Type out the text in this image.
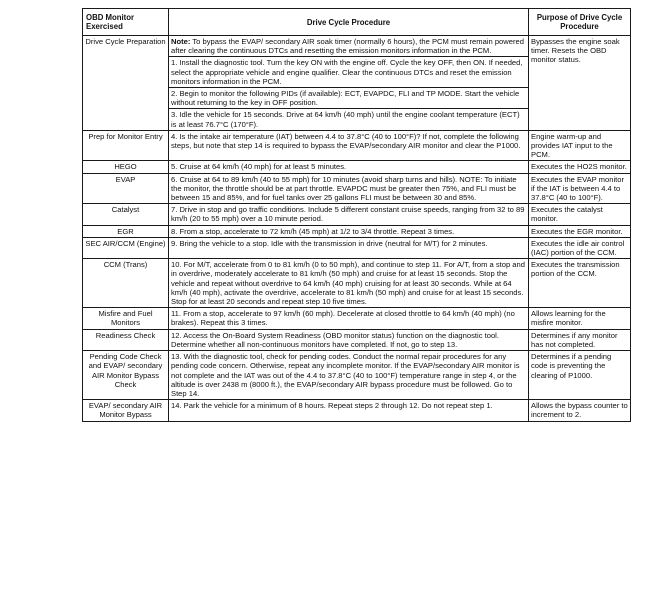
OBD Monitor Exercised	Drive Cycle Procedure	Purpose of Drive Cycle Procedure
Drive Cycle Preparation	Note: To bypass the EVAP/ secondary AIR soak timer (normally 6 hours), the PCM must remain powered after clearing the continuous DTCs and resetting the emission monitors information in the PCM.
1. Install the diagnostic tool. Turn the key ON with the engine off. Cycle the key OFF, then ON. If needed, select the appropriate vehicle and engine qualifier. Clear the continuous DTCs and reset the emission monitors information in the PCM.
2. Begin to monitor the following PIDs (if available): ECT, EVAPDC, FLI and TP MODE. Start the vehicle without returning to the key in OFF position.
3. Idle the vehicle for 15 seconds. Drive at 64 km/h (40 mph) until the engine coolant temperature (ECT) is at least 76.7°C (170°F).	Bypasses the engine soak timer. Resets the OBD monitor status.
Prep for Monitor Entry	4. Is the intake air temperature (IAT) between 4.4 to 37.8°C (40 to 100°F)? If not, complete the following steps, but note that step 14 is required to bypass the EVAP/secondary AIR monitor and clear the P1000.	Engine warm-up and provides IAT input to the PCM.
HEGO	5. Cruise at 64 km/h (40 mph) for at least 5 minutes.	Executes the HO2S monitor.
EVAP	6. Cruise at 64 to 89 km/h (40 to 55 mph) for 10 minutes (avoid sharp turns and hills). NOTE: To initiate the monitor, the throttle should be at part throttle. EVAPDC must be greater then 75%, and FLI must be between 15 and 85%, and for fuel tanks over 25 gallons FLI must be between 30 and 85%.	Executes the EVAP monitor if the IAT is between 4.4 to 37.8°C (40 to 100°F).
Catalyst	7. Drive in stop and go traffic conditions. Include 5 different constant cruise speeds, ranging from 32 to 89 km/h (20 to 55 mph) over a 10 minute period.	Executes the catalyst monitor.
EGR	8. From a stop, accelerate to 72 km/h (45 mph) at 1/2 to 3/4 throttle. Repeat 3 times.	Executes the EGR monitor.
SEC AIR/CCM (Engine)	9. Bring the vehicle to a stop. Idle with the transmission in drive (neutral for M/T) for 2 minutes.	Executes the idle air control (IAC) portion of the CCM.
CCM (Trans)	10. For M/T, accelerate from 0 to 81 km/h (0 to 50 mph), and continue to step 11. For A/T, from a stop and in overdrive, moderately accelerate to 81 km/h (50 mph) and cruise for at least 15 seconds. Stop the vehicle and repeat without overdrive to 64 km/h (40 mph) cruising for at least 30 seconds. While at 64 km/h (40 mph), activate the overdrive, accelerate to 81 km/h (50 mph) and cruise for at least 15 seconds. Stop for at least 20 seconds and repeat step 10 five times.	Executes the transmission portion of the CCM.
Misfire and Fuel Monitors	11. From a stop, accelerate to 97 km/h (60 mph). Decelerate at closed throttle to 64 km/h (40 mph) (no brakes). Repeat this 3 times.	Allows learning for the misfire monitor.
Readiness Check	12. Access the On-Board System Readiness (OBD monitor status) function on the diagnostic tool. Determine whether all non-continuous monitors have completed. If not, go to step 13.	Determines if any monitor has not completed.
Pending Code Check and EVAP/ secondary AIR Monitor Bypass Check	13. With the diagnostic tool, check for pending codes. Conduct the normal repair procedures for any pending code concern. Otherwise, repeat any incomplete monitor. If the EVAP/secondary AIR monitor is not complete and the IAT was out of the 4.4 to 37.8°C (40 to 100°F) temperature range in step 4, or the altitude is over 2438 m (8000 ft.), the EVAP/secondary AIR bypass procedure must be followed. Go to Step 14.	Determines if a pending code is preventing the clearing of P1000.
EVAP/ secondary AIR Monitor Bypass	14. Park the vehicle for a minimum of 8 hours. Repeat steps 2 through 12. Do not repeat step 1.	Allows the bypass counter to increment to 2.
